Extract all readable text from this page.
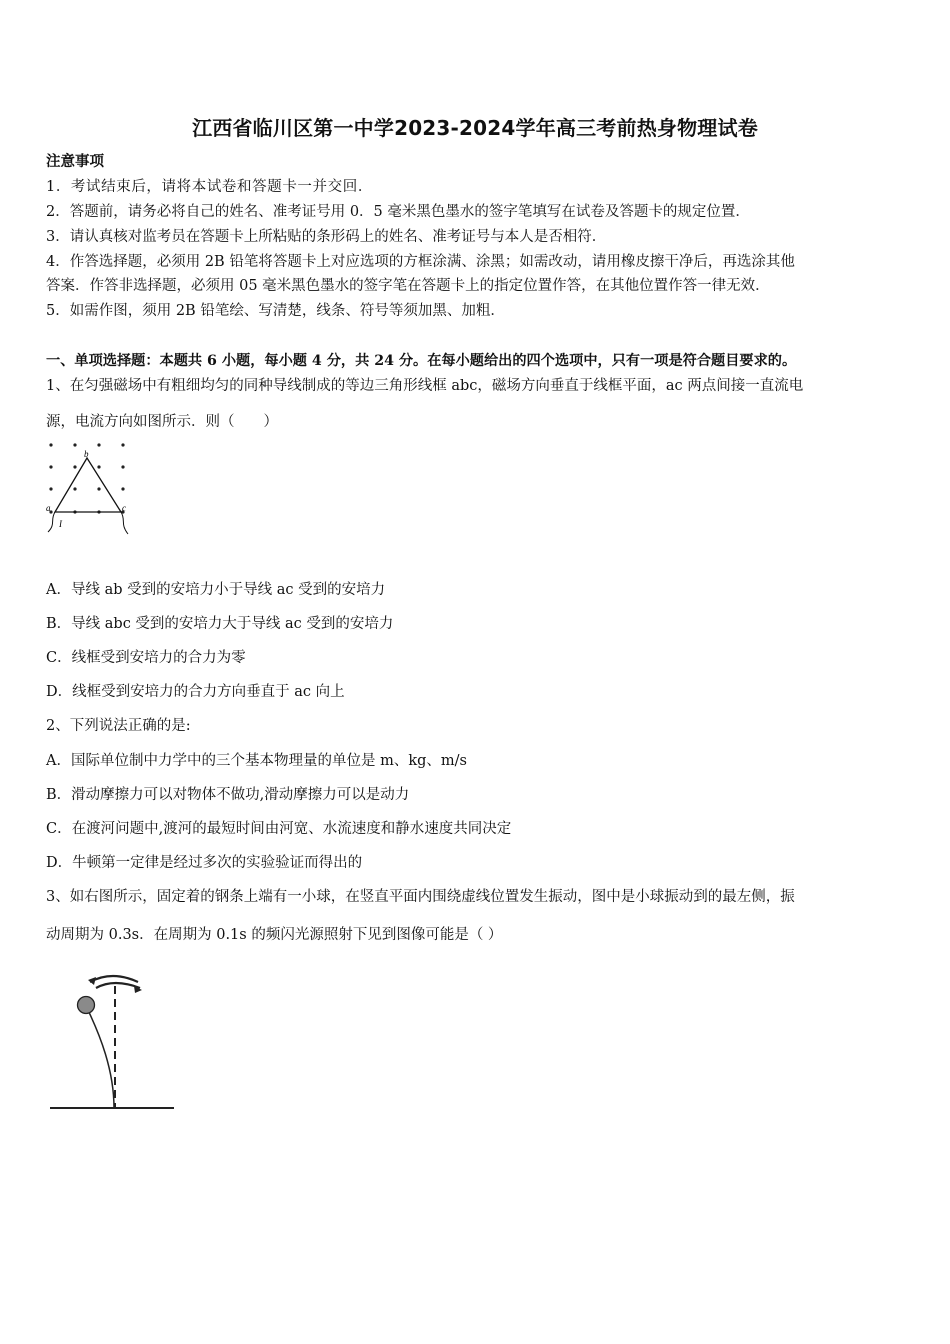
江西省临川区第一中学2023-2024学年高三考前热身物理试卷
注意事项
1．考试结束后，请将本试卷和答题卡一并交回．
2．答题前，请务必将自己的姓名、准考证号用 0．5 毫米黑色墨水的签字笔填写在试卷及答题卡的规定位置．
3．请认真核对监考员在答题卡上所粘贴的条形码上的姓名、准考证号与本人是否相符．
4．作答选择题，必须用 2B 铅笔将答题卡上对应选项的方框涂满、涂黑；如需改动，请用橡皮擦干净后，再选涂其他
答案．作答非选择题，必须用 05 毫米黑色墨水的签字笔在答题卡上的指定位置作答，在其他位置作答一律无效．
5．如需作图，须用 2B 铅笔绘、写清楚，线条、符号等须加黑、加粗．
一、单项选择题：本题共 6 小题，每小题 4 分，共 24 分。在每小题给出的四个选项中，只有一项是符合题目要求的。
1、在匀强磁场中有粗细均匀的同种导线制成的等边三角形线框 abc，磁场方向垂直于线框平面，ac 两点间接一直流电
源，电流方向如图所示．则（　　）
b
a	c
I
A．导线 ab 受到的安培力小于导线 ac 受到的安培力
B．导线 abc 受到的安培力大于导线 ac 受到的安培力
C．线框受到安培力的合力为零
D．线框受到安培力的合力方向垂直于 ac 向上
2、下列说法正确的是:
A．国际单位制中力学中的三个基本物理量的单位是 m、kg、m/s
B．滑动摩擦力可以对物体不做功,滑动摩擦力可以是动力
C．在渡河问题中,渡河的最短时间由河宽、水流速度和静水速度共同决定
D．牛顿第一定律是经过多次的实验验证而得出的
3、如右图所示，固定着的钢条上端有一小球，在竖直平面内围绕虚线位置发生振动，图中是小球振动到的最左侧，振
动周期为 0.3s．在周期为 0.1s 的频闪光源照射下见到图像可能是（ ）
